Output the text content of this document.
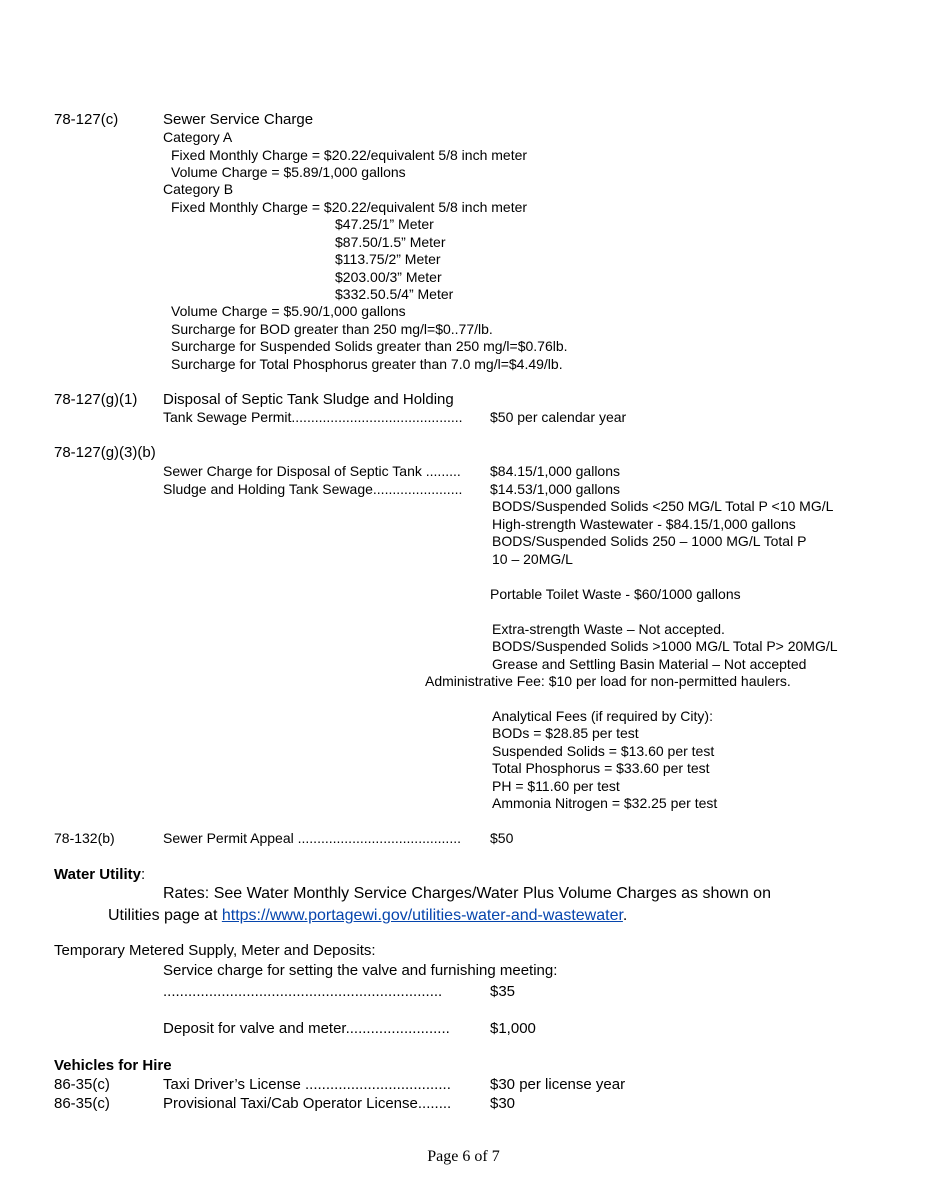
78-127(c)	Sewer Service Charge
Category A
Fixed Monthly Charge = $20.22/equivalent 5/8 inch meter
Volume Charge = $5.89/1,000 gallons
Category B
Fixed Monthly Charge = $20.22/equivalent 5/8 inch meter
$47.25/1” Meter
$87.50/1.5” Meter
$113.75/2” Meter
$203.00/3” Meter
$332.50.5/4” Meter
Volume Charge = $5.90/1,000 gallons
Surcharge for BOD greater than 250 mg/l=$0..77/lb.
Surcharge for Suspended Solids greater than 250 mg/l=$0.76lb.
Surcharge for Total Phosphorus greater than 7.0 mg/l=$4.49/lb.
78-127(g)(1) Disposal of Septic Tank Sludge and Holding
Tank Sewage Permit............................................ $50 per calendar year
78-127(g)(3)(b)
Sewer Charge for Disposal of Septic Tank ......... $84.15/1,000 gallons
Sludge and Holding Tank Sewage....................... $14.53/1,000 gallons
BODS/Suspended Solids <250 MG/L Total P <10 MG/L
High-strength Wastewater - $84.15/1,000 gallons
BODS/Suspended Solids 250 – 1000 MG/L Total P
10 – 20MG/L
Portable Toilet Waste - $60/1000 gallons
Extra-strength Waste – Not accepted.
BODS/Suspended Solids >1000 MG/L Total P> 20MG/L
Grease and Settling Basin Material – Not accepted
Administrative Fee: $10 per load for non-permitted haulers.
Analytical Fees (if required by City):
BODs = $28.85 per test
Suspended Solids = $13.60 per test
Total Phosphorus = $33.60 per test
PH = $11.60 per test
Ammonia Nitrogen = $32.25 per test
78-132(b)	Sewer Permit Appeal .......................................... $50
Water Utility:
Rates: See Water Monthly Service Charges/Water Plus Volume Charges as shown on
Utilities page at https://www.portagewi.gov/utilities-water-and-wastewater.
Temporary Metered Supply, Meter and Deposits:
Service charge for setting the valve and furnishing meeting:
...................................................................	$35
Deposit for valve and meter.........................	$1,000
Vehicles for Hire
86-35(c)	Taxi Driver’s License ...................................	$30 per license year
86-35(c)	Provisional Taxi/Cab Operator License........	$30
Page 6 of 7
